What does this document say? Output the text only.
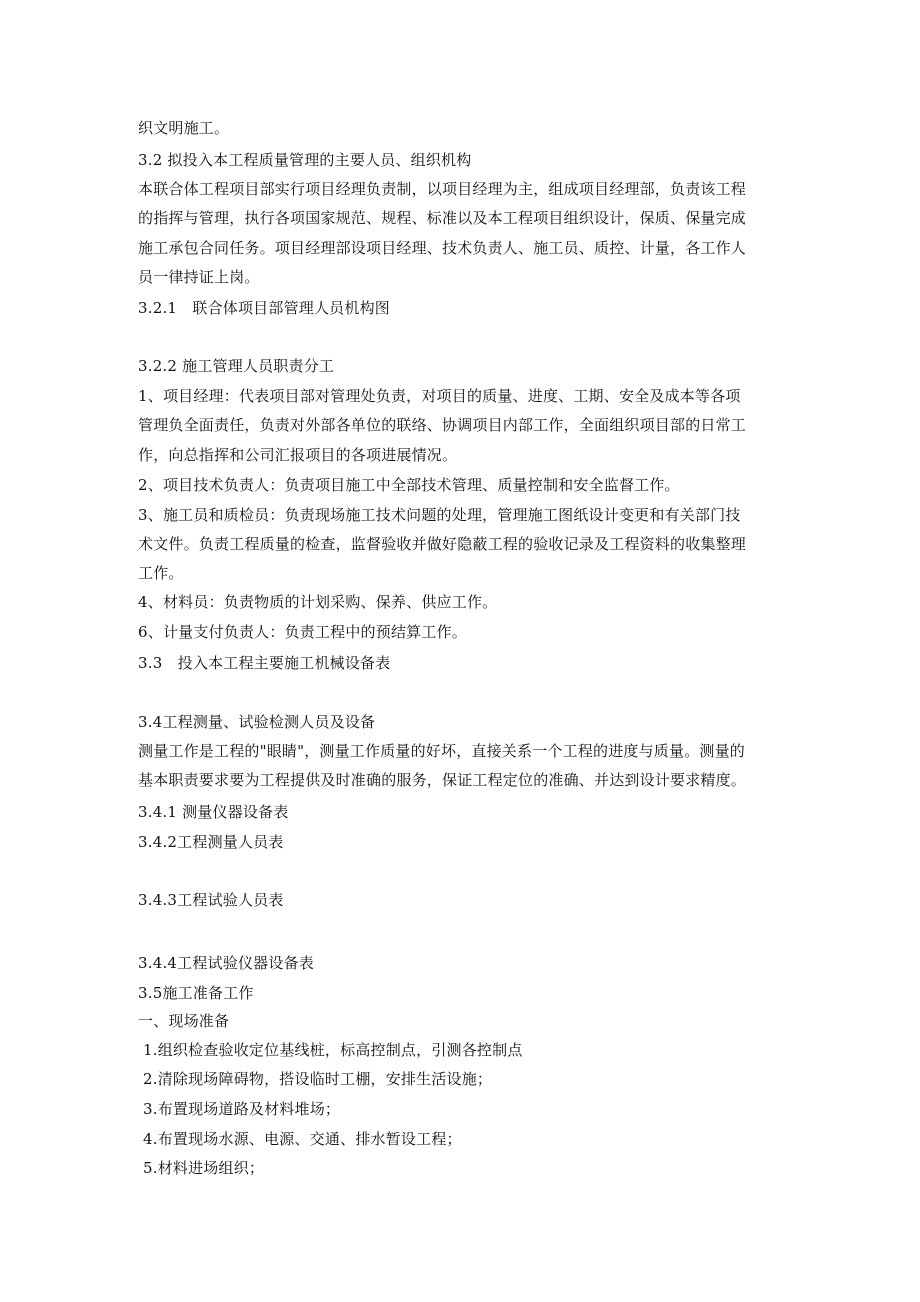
织文明施工。
3.2 拟投入本工程质量管理的主要人员、组织机构
本联合体工程项目部实行项目经理负责制，以项目经理为主，组成项目经理部，负责该工程
的指挥与管理，执行各项国家规范、规程、标准以及本工程项目组织设计，保质、保量完成
施工承包合同任务。项目经理部设项目经理、技术负责人、施工员、质控、计量，各工作人
员一律持证上岗。
3.2.1　联合体项目部管理人员机构图
3.2.2 施工管理人员职责分工
1、项目经理：代表项目部对管理处负责，对项目的质量、进度、工期、安全及成本等各项
管理负全面责任，负责对外部各单位的联络、协调项目内部工作，全面组织项目部的日常工
作，向总指挥和公司汇报项目的各项进展情况。
2、项目技术负责人：负责项目施工中全部技术管理、质量控制和安全监督工作。
3、施工员和质检员：负责现场施工技术问题的处理，管理施工图纸设计变更和有关部门技
术文件。负责工程质量的检查，监督验收并做好隐蔽工程的验收记录及工程资料的收集整理
工作。
4、材料员：负责物质的计划采购、保养、供应工作。
6、计量支付负责人：负责工程中的预结算工作。
3.3　投入本工程主要施工机械设备表
3.4工程测量、试验检测人员及设备
测量工作是工程的"眼睛"，测量工作质量的好坏，直接关系一个工程的进度与质量。测量的
基本职责要求要为工程提供及时准确的服务，保证工程定位的准确、并达到设计要求精度。
3.4.1 测量仪器设备表
3.4.2工程测量人员表
3.4.3工程试验人员表
3.4.4工程试验仪器设备表
3.5施工准备工作
一、现场准备
1.组织检查验收定位基线桩，标高控制点，引测各控制点
2.清除现场障碍物，搭设临时工棚，安排生活设施；
3.布置现场道路及材料堆场；
4.布置现场水源、电源、交通、排水暂设工程；
5.材料进场组织；
